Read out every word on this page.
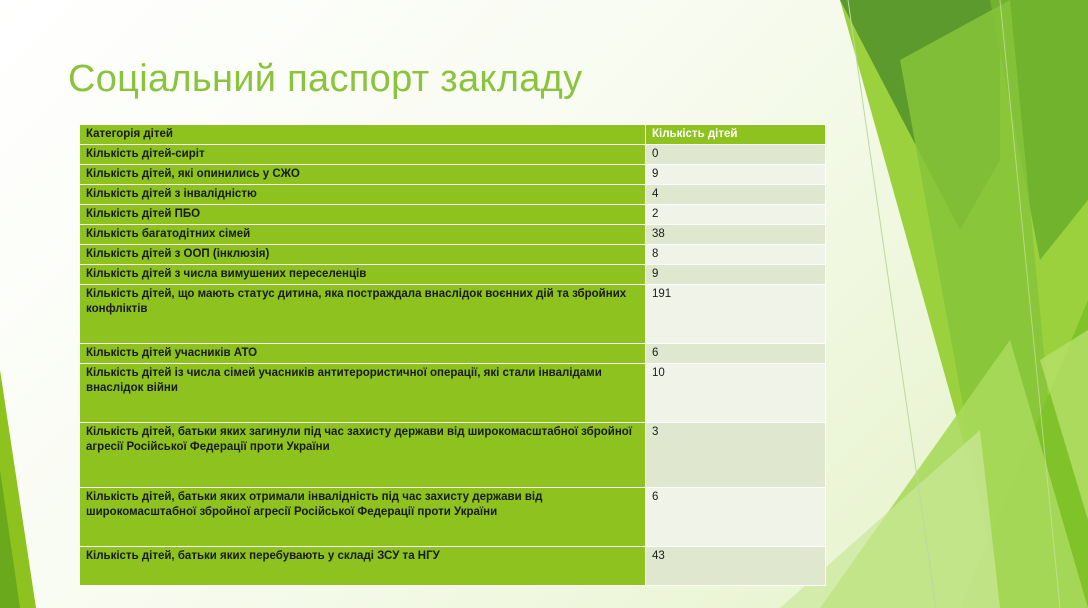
Соціальний паспорт закладу
Категорія дітей	Кількість дітей
Кількість дітей-сиріт	0
Кількість дітей, які опинились у СЖО	9
Кількість дітей з інвалідністю	4
Кількість дітей ПБО	2
Кількість багатодітних сімей	38
Кількість дітей з ООП (інклюзія)	8
Кількість дітей з числа вимушених переселенців	9
Кількість дітей, що мають статус дитина, яка постраждала внаслідок воєнних дій та збройних конфліктів	191
Кількість дітей учасників АТО	6
Кількість дітей із числа сімей учасників антитерористичної операції, які стали інвалідами внаслідок війни	10
Кількість дітей, батьки яких загинули під час захисту держави від широкомасштабної збройної агресії Російської Федерації проти України	3
Кількість дітей, батьки яких отримали інвалідність під час захисту держави від широкомасштабної збройної агресії Російської Федерації проти України	6
Кількість дітей, батьки яких перебувають у складі ЗСУ та НГУ	43
